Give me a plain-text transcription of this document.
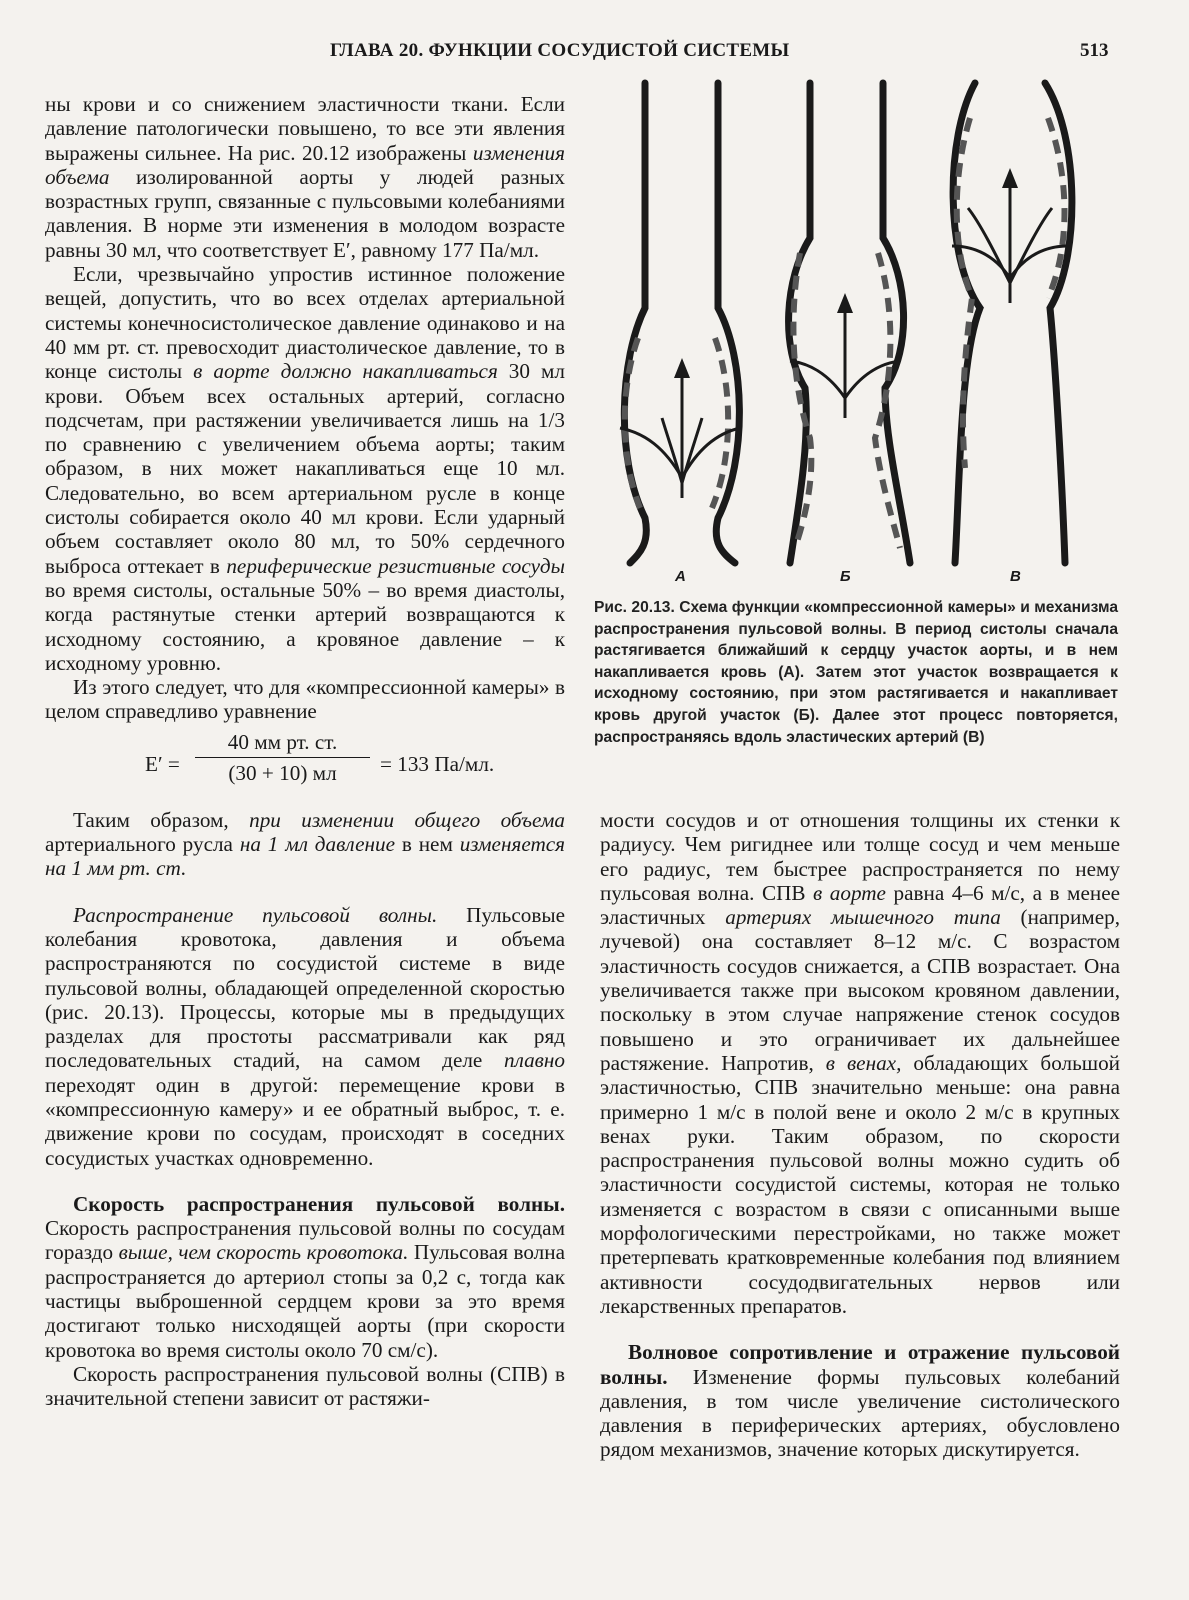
ГЛАВА 20. ФУНКЦИИ СОСУДИСТОЙ СИСТЕМЫ	513

ны крови и со снижением эластичности ткани. Если давление патологически повышено, то все эти явления выражены сильнее. На рис. 20.12 изображены изменения объема изолированной аорты у людей разных возрастных групп, связанные с пульсовыми колебаниями давления. В норме эти изменения в молодом возрасте равны 30 мл, что соответствует E′, равному 177 Па/мл.

Если, чрезвычайно упростив истинное положение вещей, допустить, что во всех отделах артериальной системы конечносистолическое давление одинаково и на 40 мм рт. ст. превосходит диастолическое давление, то в конце систолы в аорте должно накапливаться 30 мл крови. Объем всех остальных артерий, согласно подсчетам, при растяжении увеличивается лишь на 1/3 по сравнению с увеличением объема аорты; таким образом, в них может накапливаться еще 10 мл. Следовательно, во всем артериальном русле в конце систолы собирается около 40 мл крови. Если ударный объем составляет около 80 мл, то 50% сердечного выброса оттекает в периферические резистивные сосуды во время систолы, остальные 50% – во время диастолы, когда растянутые стенки артерий возвращаются к исходному состоянию, а кровяное давление – к исходному уровню.

Из этого следует, что для «компрессионной камеры» в целом справедливо уравнение

E′ =
40 мм рт. ст.
(30 + 10) мл	= 133 Па/мл.

Таким образом, при изменении общего объема артериального русла на 1 мл давление в нем изменяется на 1 мм рт. ст.

Распространение пульсовой волны. Пульсовые колебания кровотока, давления и объема распространяются по сосудистой системе в виде пульсовой волны, обладающей определенной скоростью (рис. 20.13). Процессы, которые мы в предыдущих разделах для простоты рассматривали как ряд последовательных стадий, на самом деле плавно переходят один в другой: перемещение крови в «компрессионную камеру» и ее обратный выброс, т. е. движение крови по сосудам, происходят в соседних сосудистых участках одновременно.

Скорость распространения пульсовой волны. Скорость распространения пульсовой волны по сосудам гораздо выше, чем скорость кровотока. Пульсовая волна распространяется до артериол стопы за 0,2 с, тогда как частицы выброшенной сердцем крови за это время достигают только нисходящей аорты (при скорости кровотока во время систолы около 70 см/с).

Скорость распространения пульсовой волны (СПВ) в значительной степени зависит от растяжи-

А	Б	В
Рис. 20.13. Схема функции «компрессионной камеры» и механизма распространения пульсовой волны. В период систолы сначала растягивается ближайший к сердцу участок аорты, и в нем накапливается кровь (А). Затем этот участок возвращается к исходному состоянию, при этом растягивается и накапливает кровь другой участок (Б). Далее этот процесс повторяется, распространяясь вдоль эластических артерий (В)

мости сосудов и от отношения толщины их стенки к радиусу. Чем ригиднее или толще сосуд и чем меньше его радиус, тем быстрее распространяется по нему пульсовая волна. СПВ в аорте равна 4–6 м/с, а в менее эластичных артериях мышечного типа (например, лучевой) она составляет 8–12 м/с. С возрастом эластичность сосудов снижается, а СПВ возрастает. Она увеличивается также при высоком кровяном давлении, поскольку в этом случае напряжение стенок сосудов повышено и это ограничивает их дальнейшее растяжение. Напротив, в венах, обладающих большой эластичностью, СПВ значительно меньше: она равна примерно 1 м/с в полой вене и около 2 м/с в крупных венах руки. Таким образом, по скорости распространения пульсовой волны можно судить об эластичности сосудистой системы, которая не только изменяется с возрастом в связи с описанными выше морфологическими перестройками, но также может претерпевать кратковременные колебания под влиянием активности сосудодвигательных нервов или лекарственных препаратов.

Волновое сопротивление и отражение пульсовой волны. Изменение формы пульсовых колебаний давления, в том числе увеличение систолического давления в периферических артериях, обусловлено рядом механизмов, значение которых дискутируется.
